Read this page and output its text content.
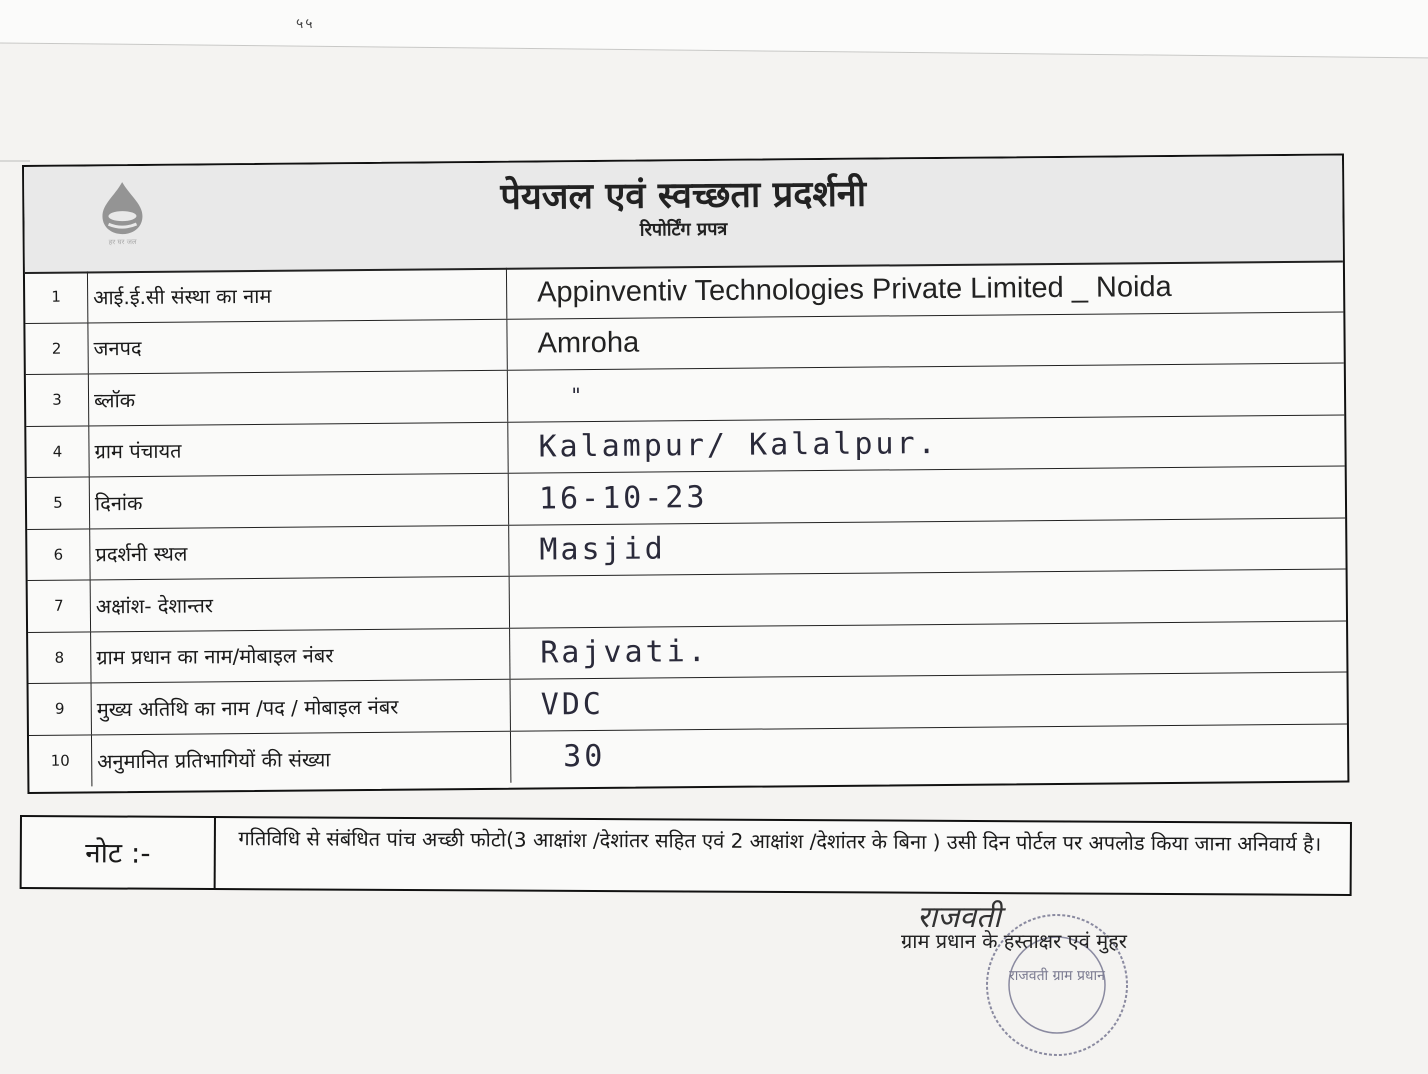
५५
हर घर जल
पेयजल एवं स्वच्छता प्रदर्शनी
रिपोर्टिंग प्रपत्र
1	आई.ई.सी संस्था का नाम	Appinventiv Technologies Private Limited _ Noida
2	जनपद	Amroha
3	ब्लॉक	"
4	ग्राम पंचायत	Kalampur/ Kalalpur.
5	दिनांक	16-10-23
6	प्रदर्शनी स्थल	Masjid
7	अक्षांश- देशान्तर
8	ग्राम प्रधान का नाम/मोबाइल नंबर	Rajvati.
9	मुख्य अतिथि का नाम /पद / मोबाइल नंबर	VDC
10	अनुमानित प्रतिभागियों की संख्या	30
नोट :-	गतिविधि से संबंधित पांच अच्छी फोटो(3 आक्षांश /देशांतर सहित एवं 2 आक्षांश /देशांतर के बिना ) उसी दिन पोर्टल पर अपलोड किया जाना अनिवार्य है।
राजवती ग्राम प्रधान
राजवती
ग्राम प्रधान के हस्ताक्षर एवं मुहर
